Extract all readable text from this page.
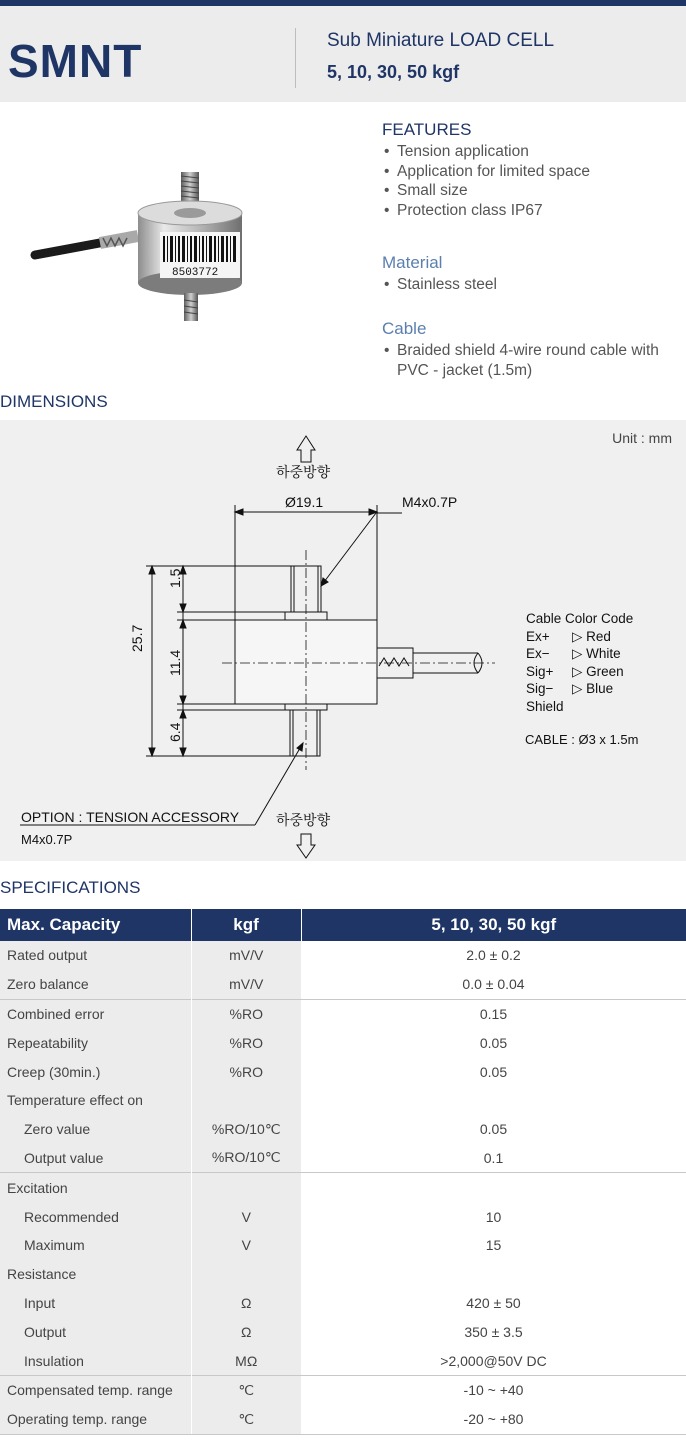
SMNT	Sub Miniature LOAD CELL
5, 10, 30, 50 kgf
8503772
FEATURES
• Tension application
• Application for limited space
• Small size
• Protection class IP67
Material
• Stainless steel
Cable
• Braided shield 4-wire round cable with PVC - jacket (1.5m)
DIMENSIONS
Unit : mm
하중방향
Ø19.1	M4x0.7P
25.7
1.5
11.4
6.4
OPTION : TENSION ACCESSORY
M4x0.7P
하중방향
Cable Color Code
Ex+	▷ Red
Ex−	▷ White
Sig+	▷ Green
Sig−	▷ Blue
Shield
CABLE : Ø3 x 1.5m
SPECIFICATIONS
Max. Capacity	kgf	5, 10, 30, 50 kgf
Rated output	mV/V	2.0 ± 0.2
Zero balance	mV/V	0.0 ± 0.04
Combined error	%RO	0.15
Repeatability	%RO	0.05
Creep (30min.)	%RO	0.05
Temperature effect on		
Zero value	%RO/10℃	0.05
Output value	%RO/10℃	0.1
Excitation		
Recommended	V	10
Maximum	V	15
Resistance		
Input	Ω	420 ± 50
Output	Ω	350 ± 3.5
Insulation	MΩ	>2,000@50V DC
Compensated temp. range	℃	-10 ~ +40
Operating temp. range	℃	-20 ~ +80
